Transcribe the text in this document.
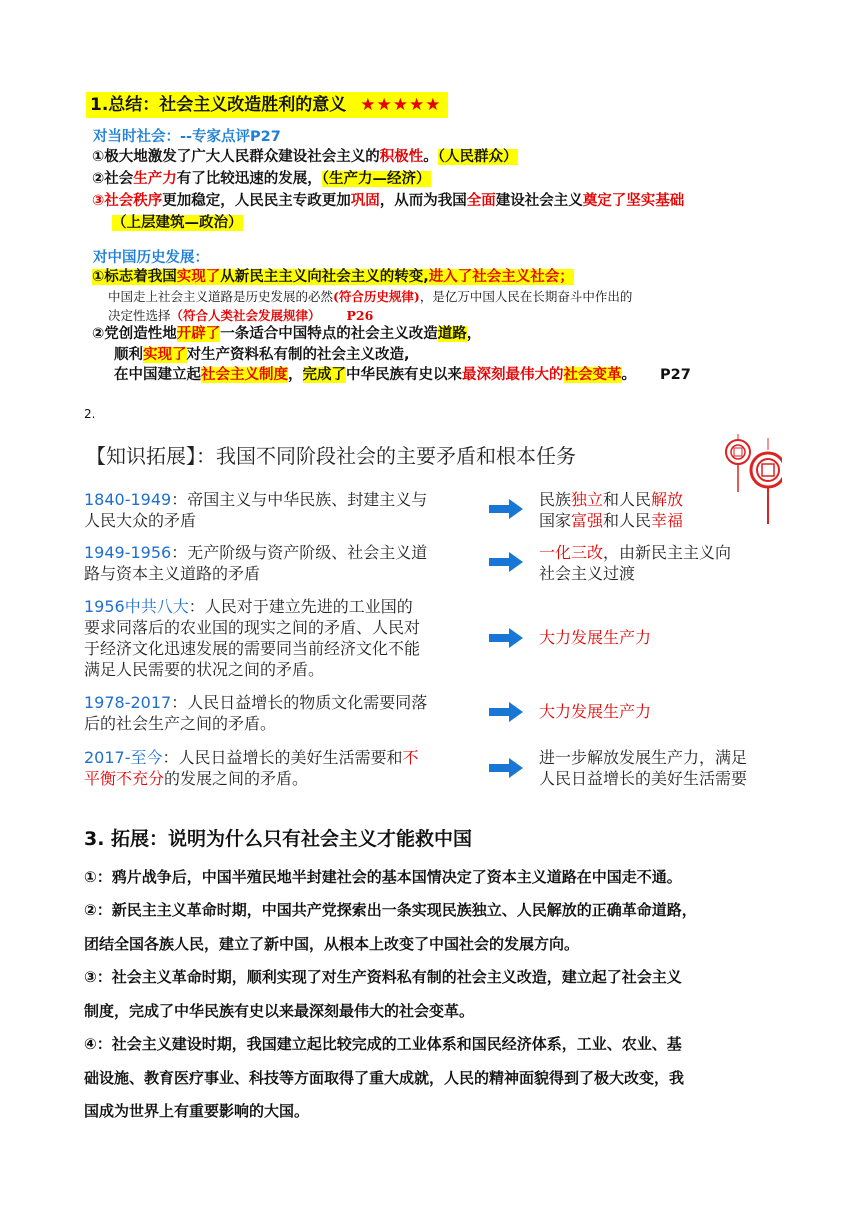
1.总结：社会主义改造胜利的意义 ★★★★★
对当时社会：--专家点评P27
①极大地激发了广大人民群众建设社会主义的积极性。（人民群众）
②社会生产力有了比较迅速的发展，（生产力—经济）
③社会秩序更加稳定，人民民主专政更加巩固，从而为我国全面建设社会主义奠定了坚实基础
（上层建筑—政治）
对中国历史发展：
①标志着我国实现了从新民主主义向社会主义的转变,进入了社会主义社会；
中国走上社会主义道路是历史发展的必然(符合历史规律)，是亿万中国人民在长期奋斗中作出的
决定性选择（符合人类社会发展规律） P26
②党创造性地开辟了一条适合中国特点的社会主义改造道路，
顺利实现了对生产资料私有制的社会主义改造,
在中国建立起社会主义制度，完成了中华民族有史以来最深刻最伟大的社会变革。 P27
2.
【知识拓展】：我国不同阶段社会的主要矛盾和根本任务
1840-1949：帝国主义与中华民族、封建主义与
人民大众的矛盾
民族独立和人民解放
国家富强和人民幸福
1949-1956：无产阶级与资产阶级、社会主义道
路与资本主义道路的矛盾
一化三改，由新民主主义向
社会主义过渡
1956中共八大：人民对于建立先进的工业国的
要求同落后的农业国的现实之间的矛盾、人民对
于经济文化迅速发展的需要同当前经济文化不能
满足人民需要的状况之间的矛盾。
大力发展生产力
1978-2017：人民日益增长的物质文化需要同落
后的社会生产之间的矛盾。
大力发展生产力
2017-至今：人民日益增长的美好生活需要和不
平衡不充分的发展之间的矛盾。
进一步解放发展生产力，满足
人民日益增长的美好生活需要
3. 拓展：说明为什么只有社会主义才能救中国
①：鸦片战争后，中国半殖民地半封建社会的基本国情决定了资本主义道路在中国走不通。
②：新民主主义革命时期，中国共产党探索出一条实现民族独立、人民解放的正确革命道路，
团结全国各族人民，建立了新中国，从根本上改变了中国社会的发展方向。
③：社会主义革命时期，顺利实现了对生产资料私有制的社会主义改造，建立起了社会主义
制度，完成了中华民族有史以来最深刻最伟大的社会变革。
④：社会主义建设时期，我国建立起比较完成的工业体系和国民经济体系，工业、农业、基
础设施、教育医疗事业、科技等方面取得了重大成就，人民的精神面貌得到了极大改变，我
国成为世界上有重要影响的大国。
